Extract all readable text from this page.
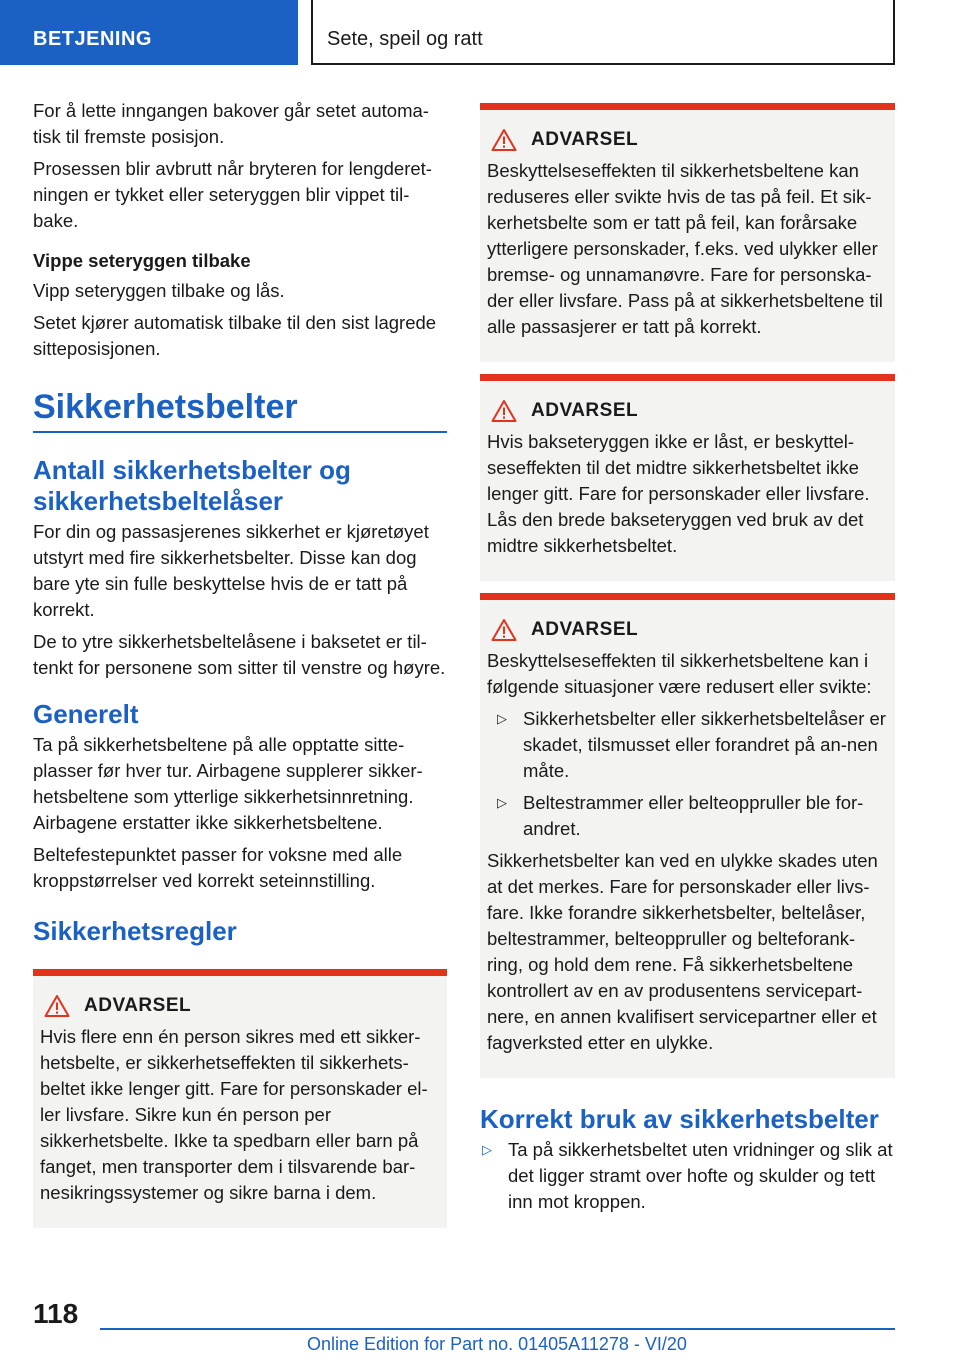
BETJENING	Sete, speil og ratt

For å lette inngangen bakover går setet automa-tisk til fremste posisjon.

Prosessen blir avbrutt når bryteren for lengderet-ningen er tykket eller seteryggen blir vippet til-bake.

Vippe seteryggen tilbake

Vipp seteryggen tilbake og lås.

Setet kjører automatisk tilbake til den sist lagrede sitteposisjonen.

Sikkerhetsbelter
Antall sikkerhetsbelter og sikkerhetsbeltelåser

For din og passasjerenes sikkerhet er kjøretøyet utstyrt med fire sikkerhetsbelter. Disse kan dog bare yte sin fulle beskyttelse hvis de er tatt på korrekt.

De to ytre sikkerhetsbeltelåsene i baksetet er til-tenkt for personene som sitter til venstre og høyre.

Generelt

Ta på sikkerhetsbeltene på alle opptatte sitte-plasser før hver tur. Airbagene supplerer sikker-hetsbeltene som ytterlige sikkerhetsinnretning. Airbagene erstatter ikke sikkerhetsbeltene.

Beltefestepunktet passer for voksne med alle kroppstørrelser ved korrekt seteinnstilling.

Sikkerhetsregler
ADVARSEL

Hvis flere enn én person sikres med ett sikker-hetsbelte, er sikkerhetseffekten til sikkerhets-beltet ikke lenger gitt. Fare for personskader el-ler livsfare. Sikre kun én person per sikkerhetsbelte. Ikke ta spedbarn eller barn på fanget, men transporter dem i tilsvarende bar-nesikringssystemer og sikre barna i dem.

ADVARSEL

Beskyttelseseffekten til sikkerhetsbeltene kan reduseres eller svikte hvis de tas på feil. Et sik-kerhetsbelte som er tatt på feil, kan forårsake ytterligere personskader, f.eks. ved ulykker eller bremse- og unnamanøvre. Fare for personska-der eller livsfare. Pass på at sikkerhetsbeltene til alle passasjerer er tatt på korrekt.

ADVARSEL

Hvis bakseteryggen ikke er låst, er beskyttel-seseffekten til det midtre sikkerhetsbeltet ikke lenger gitt. Fare for personskader eller livsfare. Lås den brede bakseteryggen ved bruk av det midtre sikkerhetsbeltet.

ADVARSEL

Beskyttelseseffekten til sikkerhetsbeltene kan i følgende situasjoner være redusert eller svikte:

▷ Sikkerhetsbelter eller sikkerhetsbeltelåser er skadet, tilsmusset eller forandret på an-nen måte.
▷ Beltestrammer eller belteoppruller ble for-andret.

Sikkerhetsbelter kan ved en ulykke skades uten at det merkes. Fare for personskader eller livs-fare. Ikke forandre sikkerhetsbelter, beltelåser, beltestrammer, belteoppruller og belteforank-ring, og hold dem rene. Få sikkerhetsbeltene kontrollert av en av produsentens servicepart-nere, en annen kvalifisert servicepartner eller et fagverksted etter en ulykke.

Korrekt bruk av sikkerhetsbelter
▷ Ta på sikkerhetsbeltet uten vridninger og slik at det ligger stramt over hofte og skulder og tett inn mot kroppen.
118
Online Edition for Part no. 01405A11278 - VI/20
